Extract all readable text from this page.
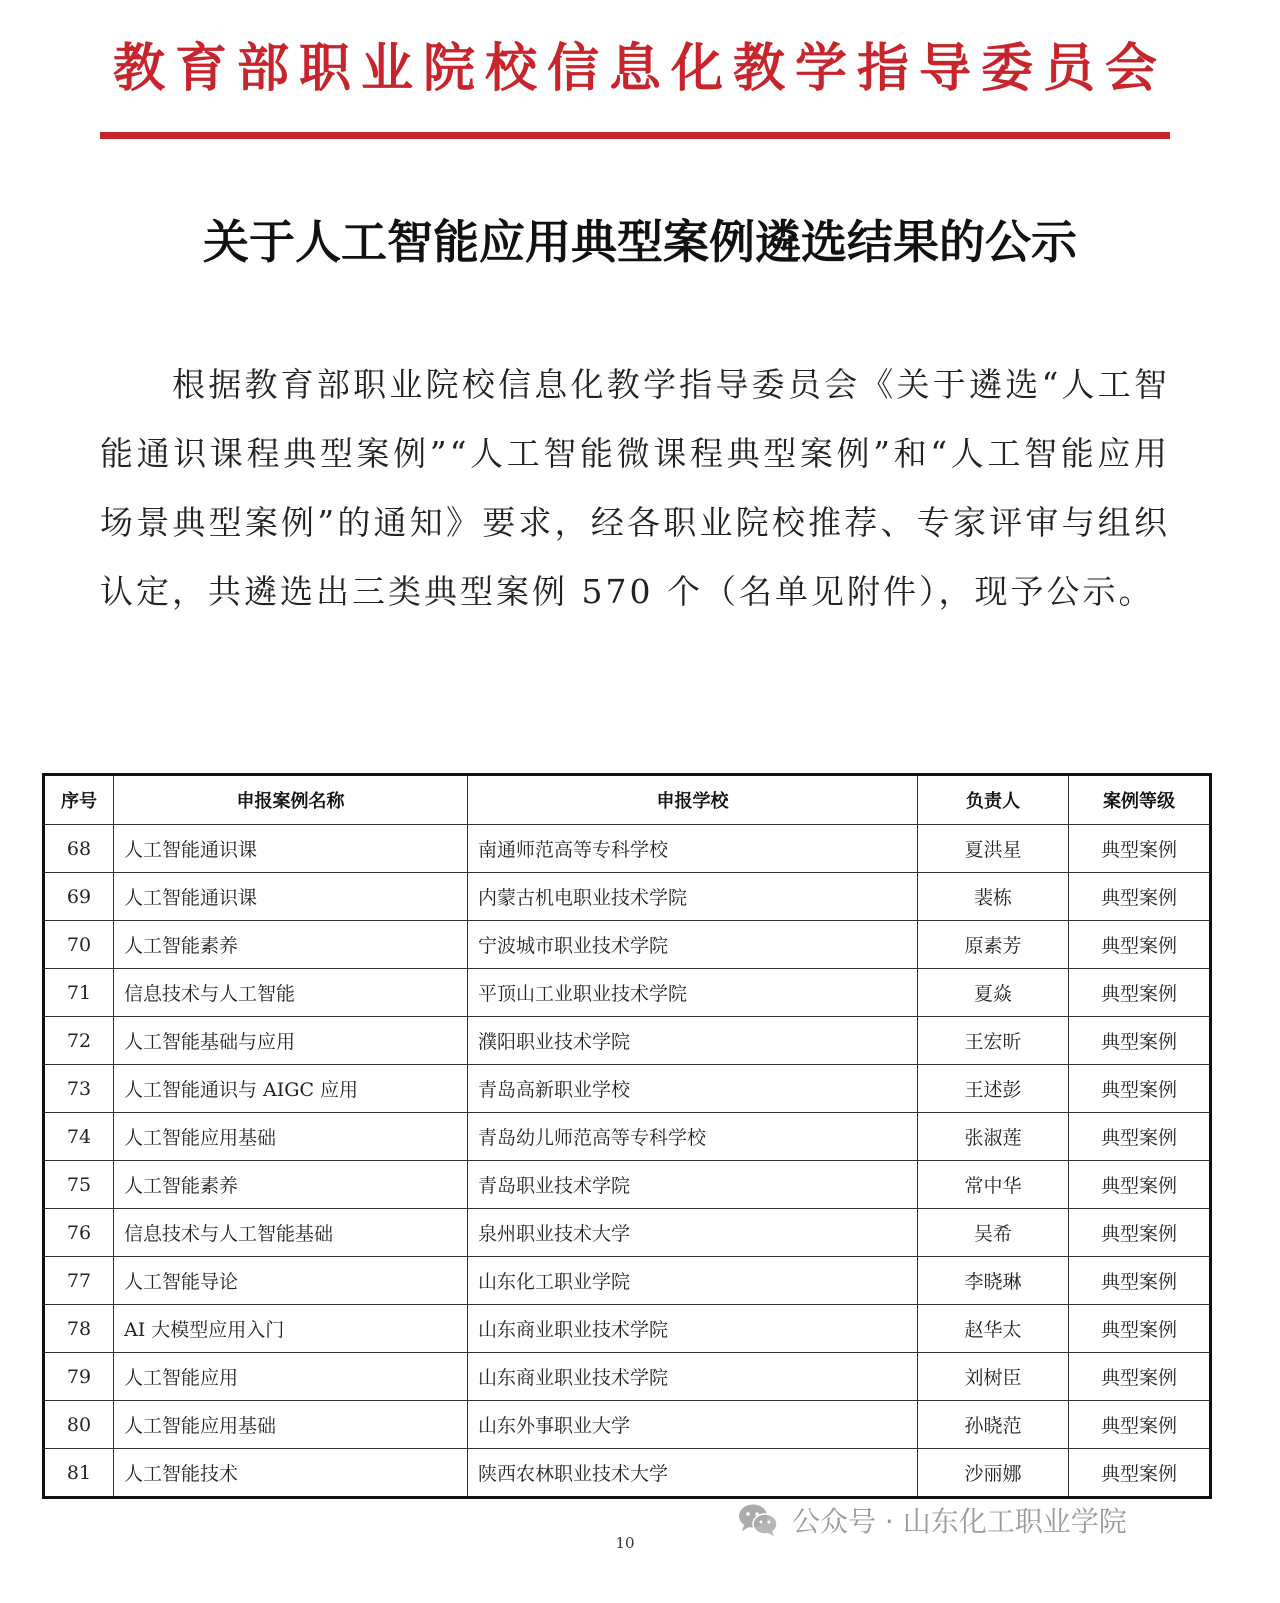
教育部职业院校信息化教学指导委员会
关于人工智能应用典型案例遴选结果的公示
根据教育部职业院校信息化教学指导委员会《关于遴选“人工智能通识课程典型案例”“人工智能微课程典型案例”和“人工智能应用场景典型案例”的通知》要求，经各职业院校推荐、专家评审与组织认定，共遴选出三类典型案例 570 个（名单见附件），现予公示。
序号	申报案例名称	申报学校	负责人	案例等级
68	人工智能通识课	南通师范高等专科学校	夏洪星	典型案例
69	人工智能通识课	内蒙古机电职业技术学院	裴栋	典型案例
70	人工智能素养	宁波城市职业技术学院	原素芳	典型案例
71	信息技术与人工智能	平顶山工业职业技术学院	夏焱	典型案例
72	人工智能基础与应用	濮阳职业技术学院	王宏昕	典型案例
73	人工智能通识与 AIGC 应用	青岛高新职业学校	王述彭	典型案例
74	人工智能应用基础	青岛幼儿师范高等专科学校	张淑莲	典型案例
75	人工智能素养	青岛职业技术学院	常中华	典型案例
76	信息技术与人工智能基础	泉州职业技术大学	吴希	典型案例
77	人工智能导论	山东化工职业学院	李晓琳	典型案例
78	AI 大模型应用入门	山东商业职业技术学院	赵华太	典型案例
79	人工智能应用	山东商业职业技术学院	刘树臣	典型案例
80	人工智能应用基础	山东外事职业大学	孙晓范	典型案例
81	人工智能技术	陕西农林职业技术大学	沙丽娜	典型案例
10
公众号 · 山东化工职业学院
